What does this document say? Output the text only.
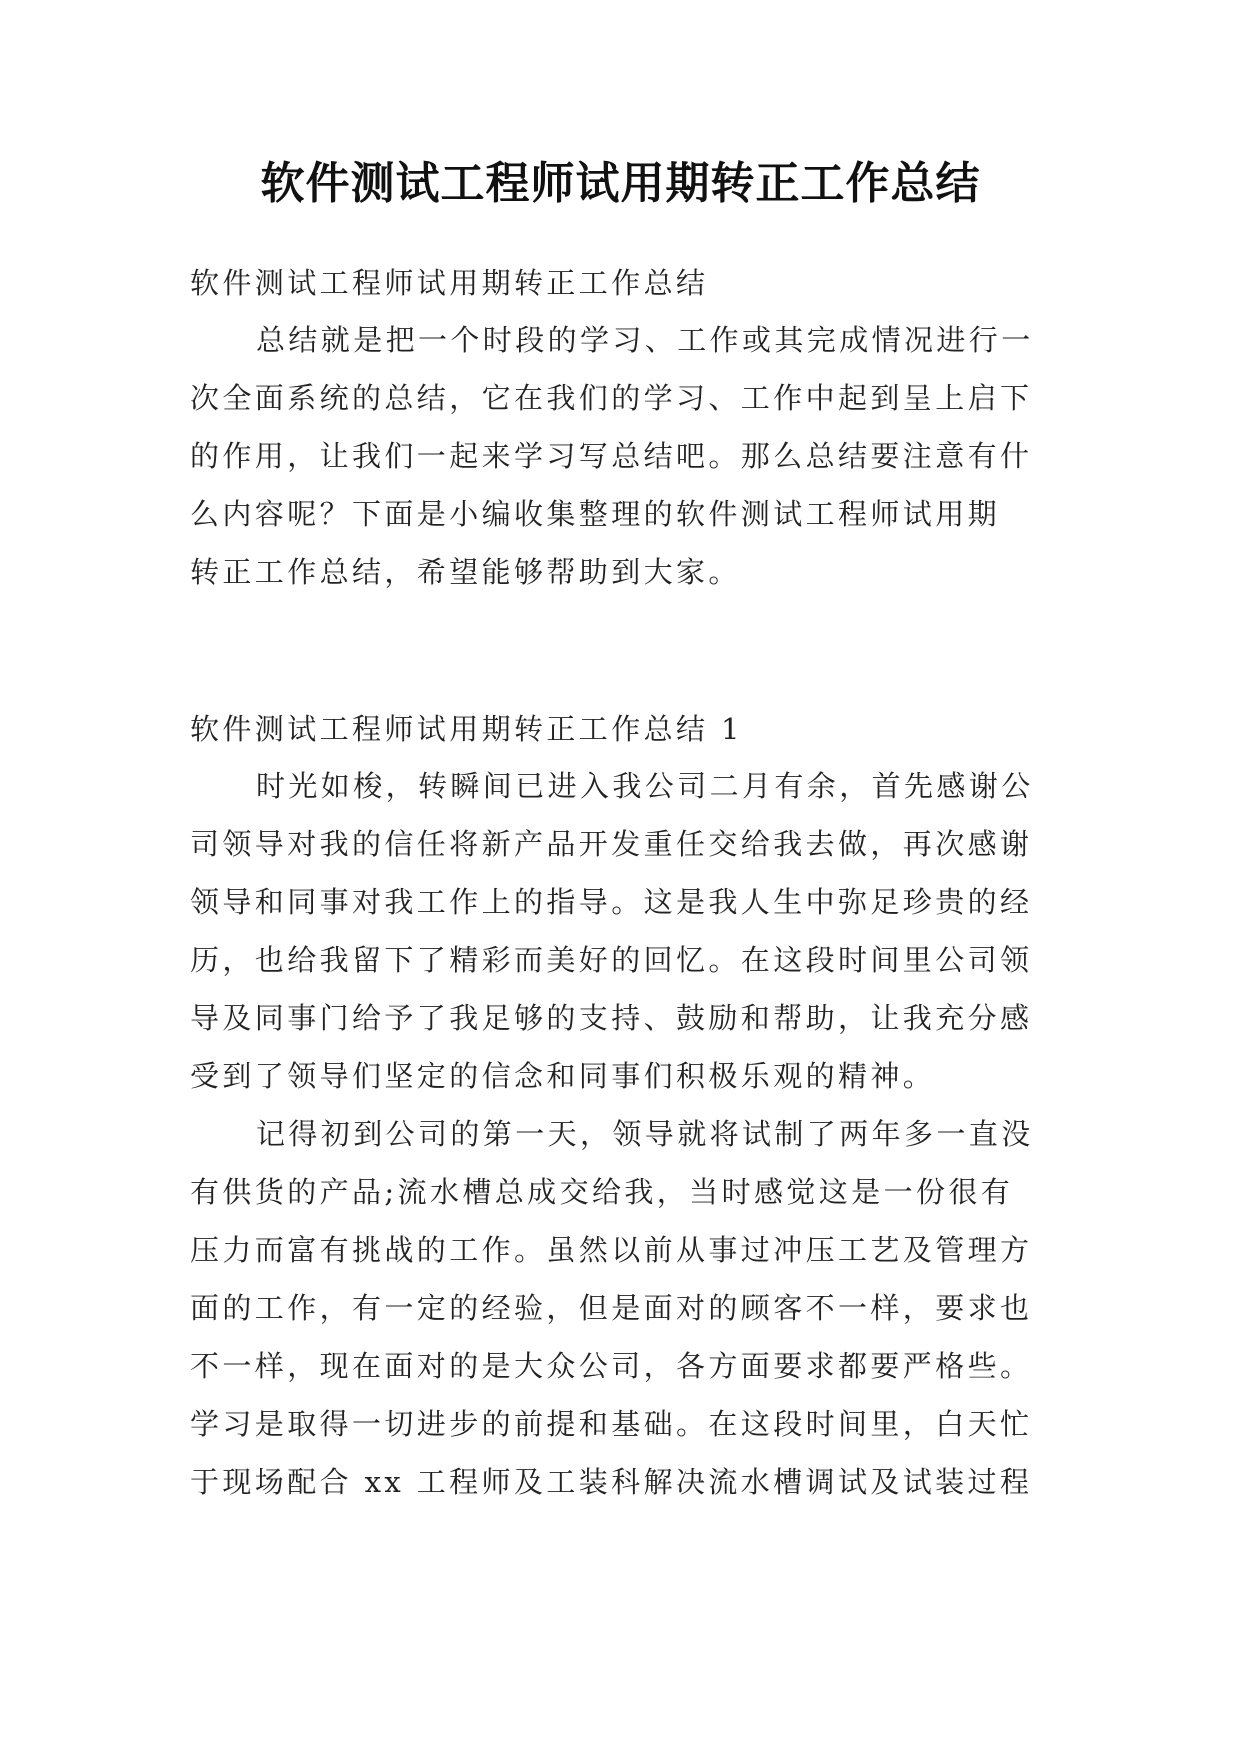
软件测试工程师试用期转正工作总结

软件测试工程师试用期转正工作总结

总结就是把一个时段的学习、工作或其完成情况进行一
次全面系统的总结，它在我们的学习、工作中起到呈上启下
的作用，让我们一起来学习写总结吧。那么总结要注意有什
么内容呢？下面是小编收集整理的软件测试工程师试用期
转正工作总结，希望能够帮助到大家。

软件测试工程师试用期转正工作总结 1

时光如梭，转瞬间已进入我公司二月有余，首先感谢公
司领导对我的信任将新产品开发重任交给我去做，再次感谢
领导和同事对我工作上的指导。这是我人生中弥足珍贵的经
历，也给我留下了精彩而美好的回忆。在这段时间里公司领
导及同事门给予了我足够的支持、鼓励和帮助，让我充分感
受到了领导们坚定的信念和同事们积极乐观的精神。

记得初到公司的第一天，领导就将试制了两年多一直没
有供货的产品;流水槽总成交给我，当时感觉这是一份很有
压力而富有挑战的工作。虽然以前从事过冲压工艺及管理方
面的工作，有一定的经验，但是面对的顾客不一样，要求也
不一样，现在面对的是大众公司，各方面要求都要严格些。
学习是取得一切进步的前提和基础。在这段时间里，白天忙
于现场配合 xx 工程师及工装科解决流水槽调试及试装过程
